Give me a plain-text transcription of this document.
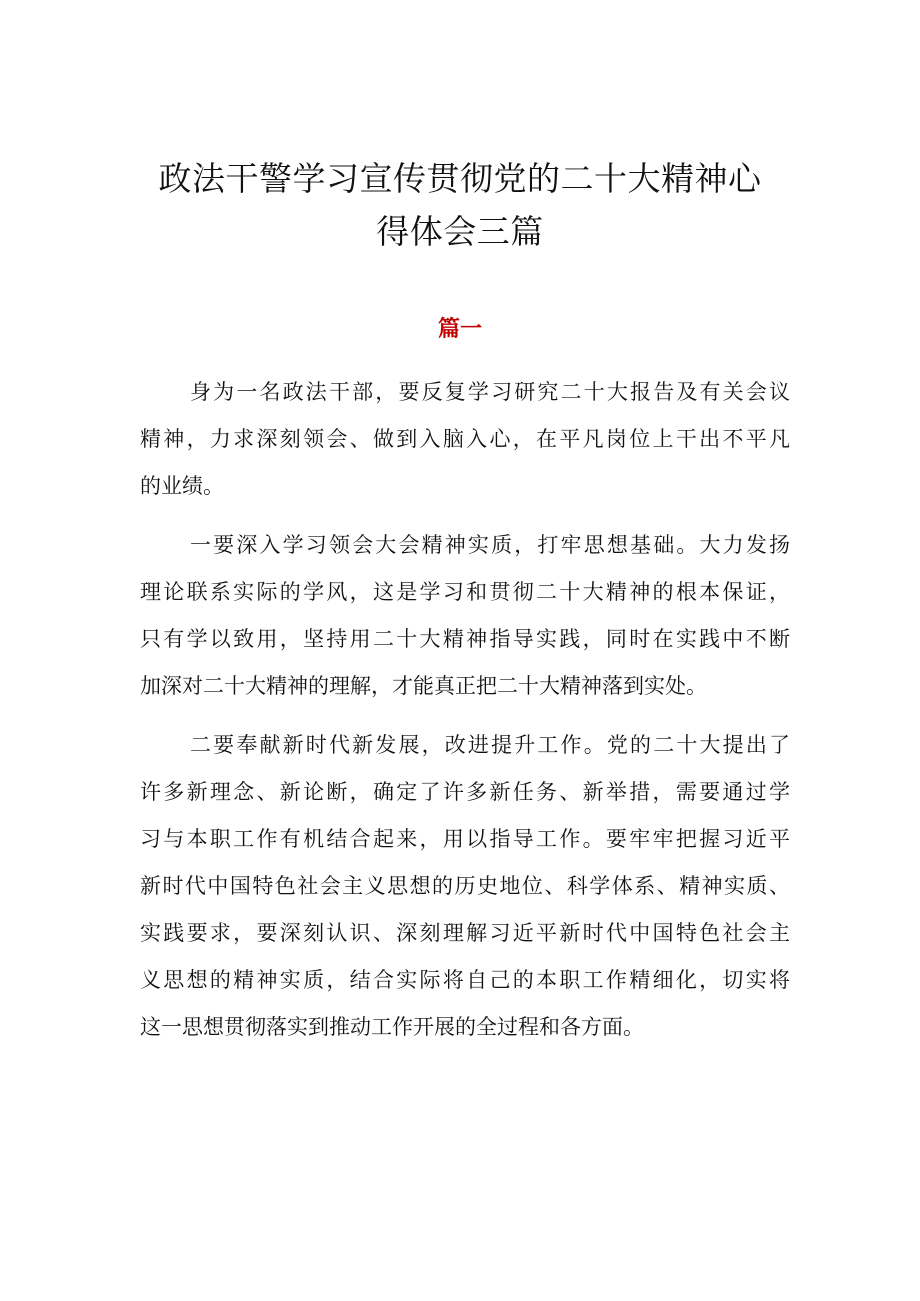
政法干警学习宣传贯彻党的二十大精神心
得体会三篇
篇一
身为一名政法干部，要反复学习研究二十大报告及有关会议
精神，力求深刻领会、做到入脑入心，在平凡岗位上干出不平凡
的业绩。
一要深入学习领会大会精神实质，打牢思想基础。大力发扬
理论联系实际的学风，这是学习和贯彻二十大精神的根本保证，
只有学以致用，坚持用二十大精神指导实践，同时在实践中不断
加深对二十大精神的理解，才能真正把二十大精神落到实处。
二要奉献新时代新发展，改进提升工作。党的二十大提出了
许多新理念、新论断，确定了许多新任务、新举措，需要通过学
习与本职工作有机结合起来，用以指导工作。要牢牢把握习近平
新时代中国特色社会主义思想的历史地位、科学体系、精神实质、
实践要求，要深刻认识、深刻理解习近平新时代中国特色社会主
义思想的精神实质，结合实际将自己的本职工作精细化，切实将
这一思想贯彻落实到推动工作开展的全过程和各方面。
